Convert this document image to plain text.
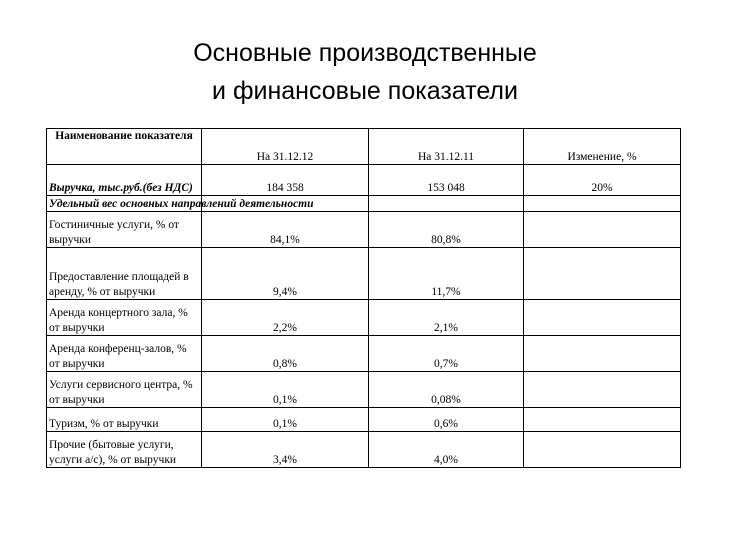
Основные производственные
и финансовые показатели
Наименование показателя	На 31.12.12	На 31.12.11	Изменение, %
Выручка, тыс.руб.(без НДС)	184 358	153 048	20%
Удельный вес основных направлений деятельности			
Гостиничные услуги, % от выручки	84,1%	80,8%	
Предоставление площадей в аренду, % от выручки	9,4%	11,7%	
Аренда концертного зала, % от выручки	2,2%	2,1%	
Аренда конференц-залов, % от выручки	0,8%	0,7%	
Услуги сервисного центра, % от выручки	0,1%	0,08%	
Туризм, % от выручки	0,1%	0,6%	
Прочие (бытовые услуги, услуги а/с), % от выручки	3,4%	4,0%	
